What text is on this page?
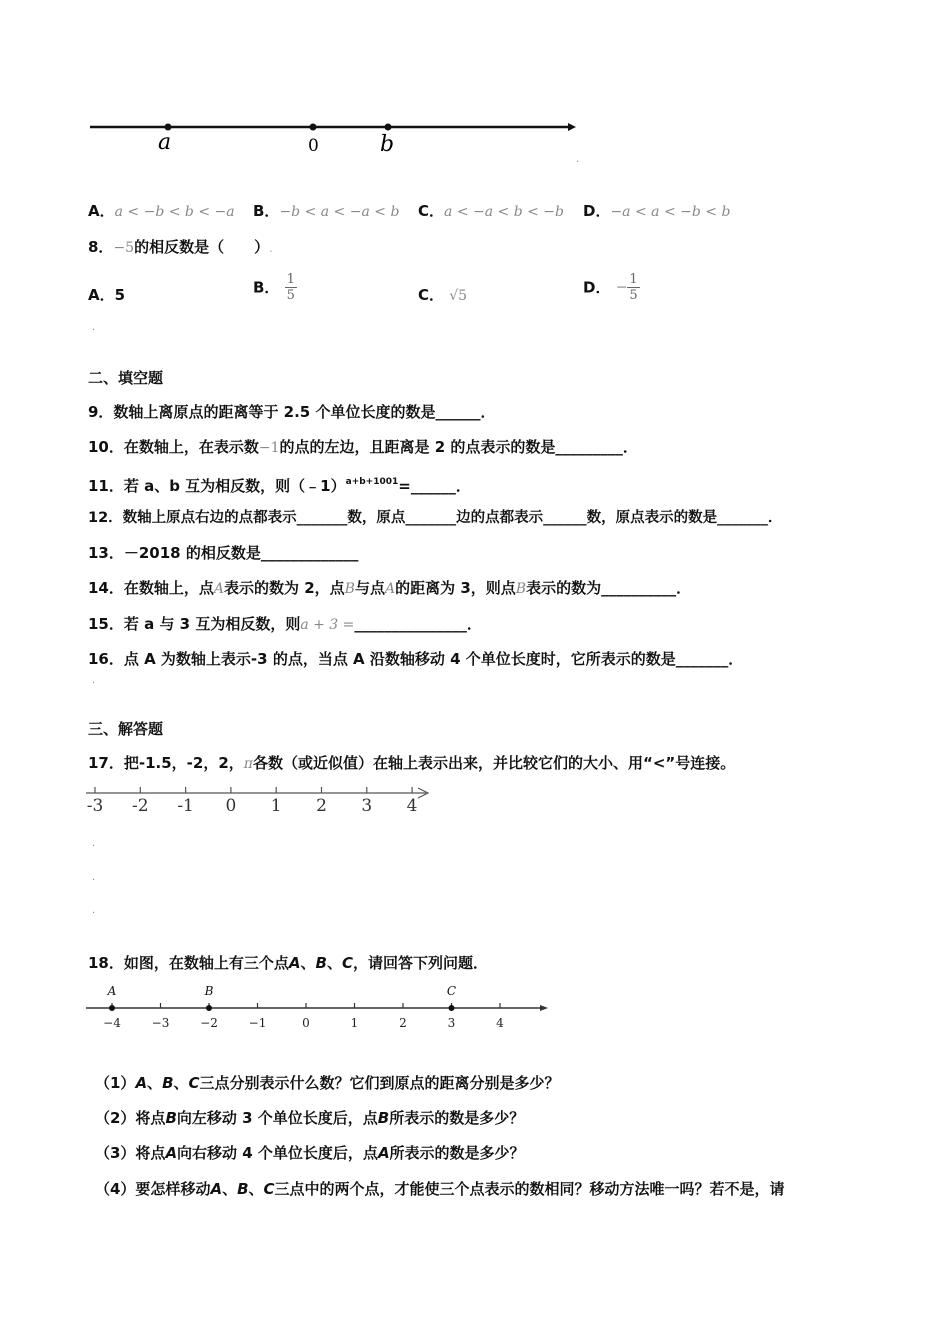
a	0	b
.
A．a < −b < b < −a B．−b < a < −a < b C．a < −a < b < −b D．−a < a < −b < b
8．−5的相反数是（　　）.
A．5	B． $\frac{1}{5}$	C． √5	D． − $\frac{1}{5}$
.
二、填空题
9．数轴上离原点的距离等于 2.5 个单位长度的数是______．
10．在数轴上，在表示数−1的点的左边，且距离是 2 的点表示的数是_________．
11．若 a、b 互为相反数，则（﹣1）$^{a+b+1001}$=______．
12．数轴上原点右边的点都表示_______数，原点_______边的点都表示______数，原点表示的数是_______．
13．－2018 的相反数是_____________
14．在数轴上，点A表示的数为 2，点B与点A的距离为 3，则点B表示的数为__________．
15．若 a 与 3 互为相反数，则a + 3 =_______________．
16．点 A 为数轴上表示-3 的点，当点 A 沿数轴移动 4 个单位长度时，它所表示的数是_______．
.
三、解答题
17．把-1.5，-2，2，π各数（或近似值）在轴上表示出来，并比较它们的大小、用“<”号连接。
-3 -2 -1 0 1 2 3 4
.
.
.
18．如图，在数轴上有三个点A、B、C，请回答下列问题．
−4	−3	−2	−1	0	1	2	3	4
A	B	C
（1）A、B、C三点分别表示什么数？它们到原点的距离分别是多少？
（2）将点B向左移动 3 个单位长度后，点B所表示的数是多少？
（3）将点A向右移动 4 个单位长度后，点A所表示的数是多少？
（4）要怎样移动A、B、C三点中的两个点，才能使三个点表示的数相同？移动方法唯一吗？若不是，请
